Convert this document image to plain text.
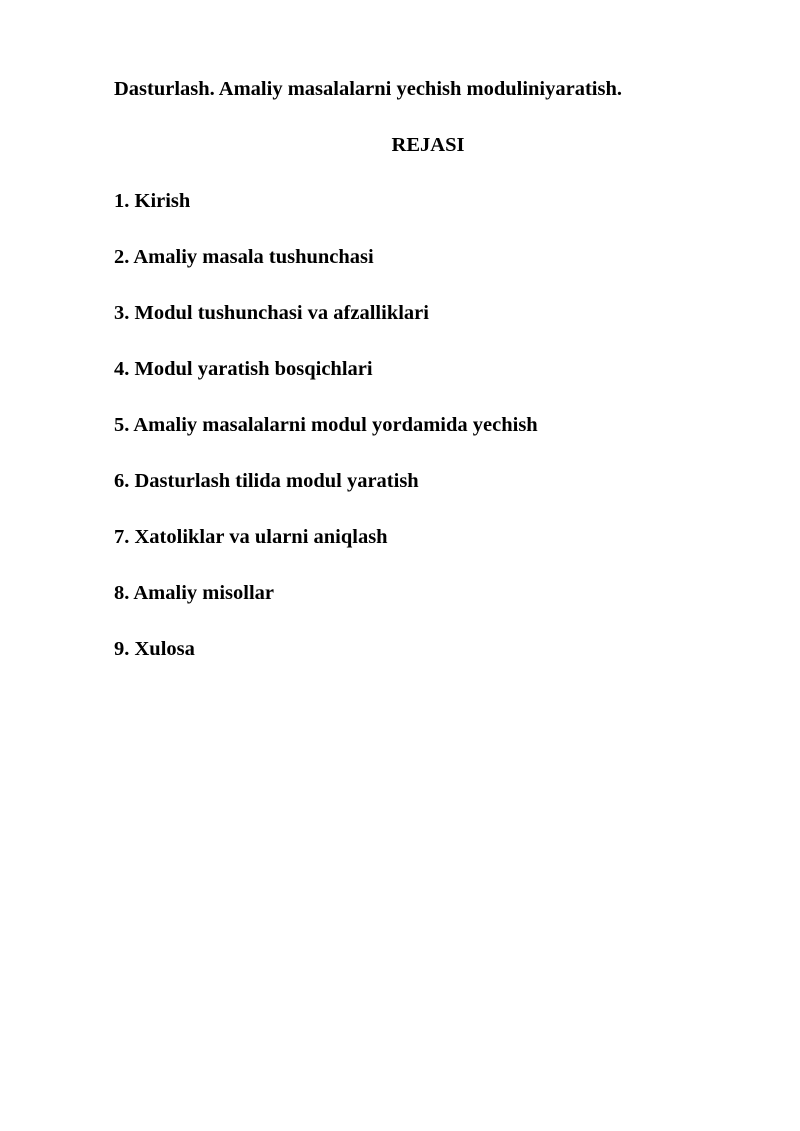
Dasturlash. Amaliy masalalarni yechish moduliniyaratish.
REJASI
1. Kirish
2. Amaliy masala tushunchasi
3. Modul tushunchasi va afzalliklari
4. Modul yaratish bosqichlari
5. Amaliy masalalarni modul yordamida yechish
6. Dasturlash tilida modul yaratish
7. Xatoliklar va ularni aniqlash
8. Amaliy misollar
9. Xulosa
